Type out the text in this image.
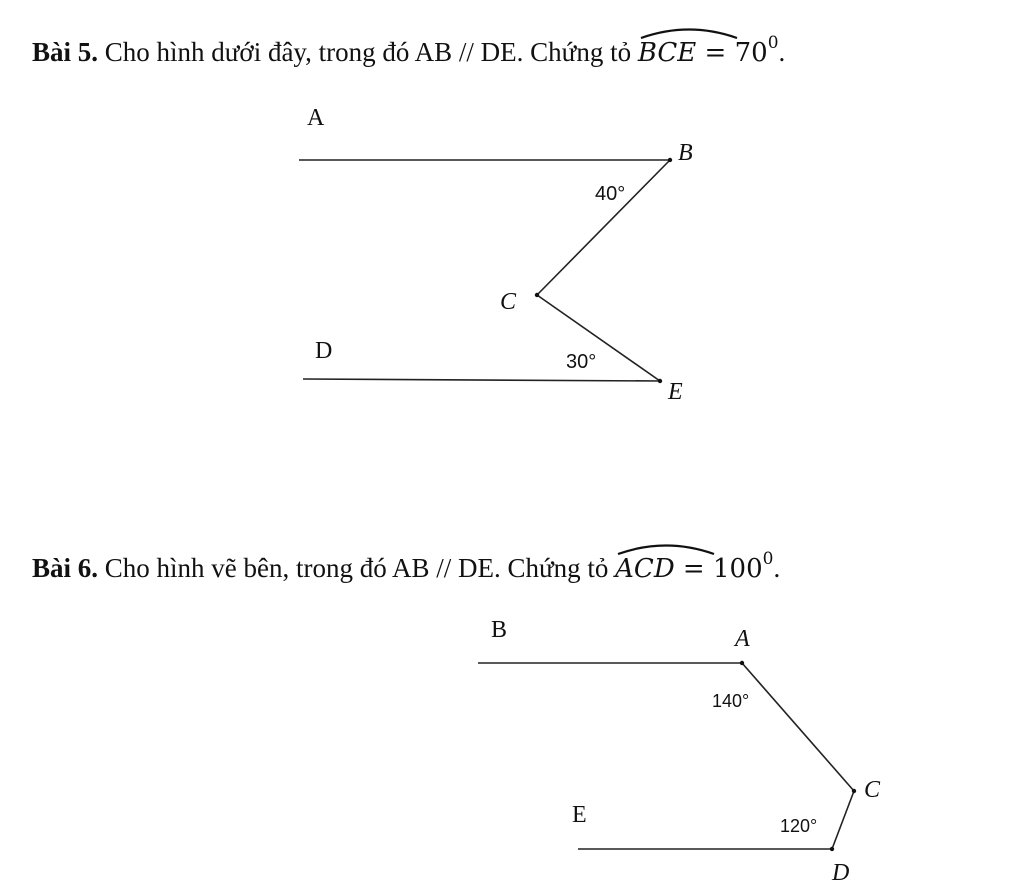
Bài 5. Cho hình dưới đây, trong đó AB // DE. Chứng tỏ
BCE = $70^0$.
A
B
40°
C
D	30°
E
Bài 6. Cho hình vẽ bên, trong đó AB // DE. Chứng tỏ
ACD = $100^0$.
B	A
140°
C
E	120°
D
